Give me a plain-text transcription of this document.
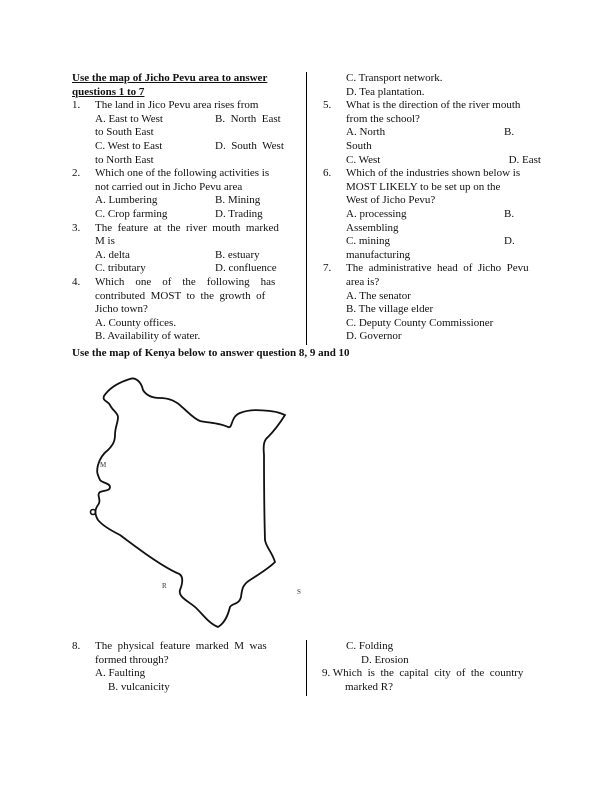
Use the map of Jicho Pevu area to answer
questions 1 to 7
1. The land in Jico Pevu area rises from
A. East to West	B.  North  East
to South East
C. West to East	D.  South  West
to North East
2. Which one of the following activities is
not carried out in Jicho Pevu area
A. Lumbering	B. Mining
C. Crop farming	D. Trading
3. The  feature  at  the  river  mouth  marked
M is
A. delta	B. estuary
C. tributary	D. confluence
4. Which    one    of    the    following    has
contributed  MOST  to  the  growth  of
Jicho town?
A. County offices.
B. Availability of water.
C. Transport network.
D. Tea plantation.
5. What is the direction of the river mouth
from the school?
A. North	B.
South
C. West	D. East
6. Which of the industries shown below is
MOST LIKELY to be set up on the
West of Jicho Pevu?
A. processing	B.
Assembling
C. mining	D.
manufacturing
7. The  administrative  head  of  Jicho  Pevu
area is?
A. The senator
B. The village elder
C. Deputy County Commissioner
D. Governor
Use the map of Kenya below to answer question 8, 9 and 10
M
R
S
8. The  physical  feature  marked  M  was
formed through?
A. Faulting
B. vulcanicity
C. Folding
D. Erosion
9. Which  is  the  capital  city  of  the  country
marked R?
